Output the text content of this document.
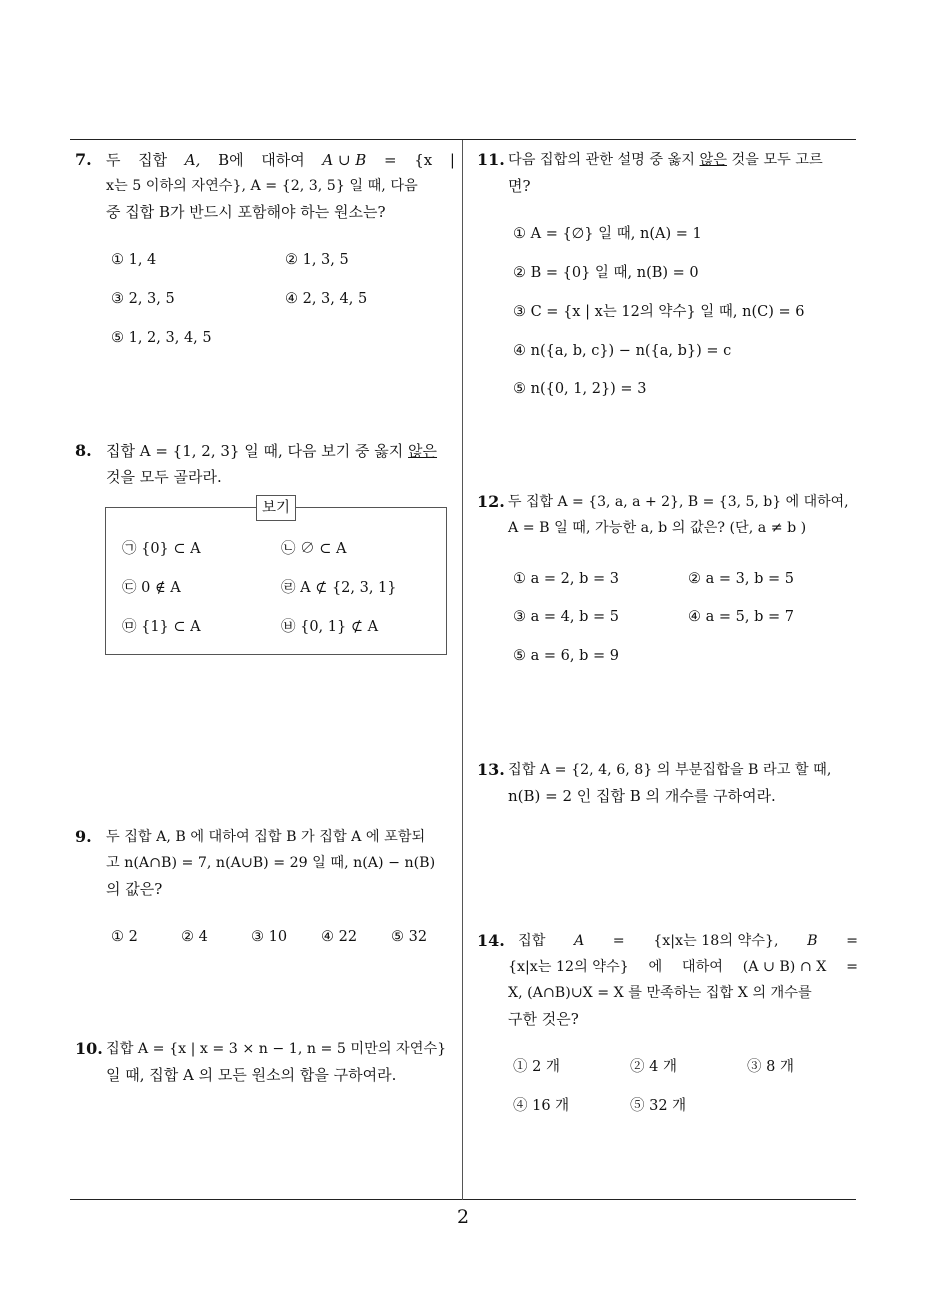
7. 두 집합 A, B에 대하여 A ∪ B = {x |
x는 5 이하의 자연수}, A = {2, 3, 5} 일 때, 다음
중 집합 B가 반드시 포함해야 하는 원소는?
① 1, 4	② 1, 3, 5
③ 2, 3, 5	④ 2, 3, 4, 5
⑤ 1, 2, 3, 4, 5
8. 집합 A = {1, 2, 3} 일 때, 다음 보기 중 옳지 않은
것을 모두 골라라.
보기
㉠ {0} ⊂ A	㉡ ∅ ⊂ A
㉢ 0 ∉ A	㉣ A ⊄ {2, 3, 1}
㉤ {1} ⊂ A	㉥ {0, 1} ⊄ A
9. 두 집합 A, B 에 대하여 집합 B 가 집합 A 에 포함되
고 n(A∩B) = 7, n(A∪B) = 29 일 때, n(A) − n(B)
의 값은?
① 2	② 4	③ 10 ④ 22 ⑤ 32
10. 집합 A = {x | x = 3 × n − 1, n = 5 미만의 자연수}
일 때, 집합 A 의 모든 원소의 합을 구하여라.
11. 다음 집합의 관한 설명 중 옳지 않은 것을 모두 고르
면?
① A = {∅} 일 때, n(A) = 1
② B = {0} 일 때, n(B) = 0
③ C = {x | x는 12의 약수} 일 때, n(C) = 6
④ n({a, b, c}) − n({a, b}) = c
⑤ n({0, 1, 2}) = 3
12. 두 집합 A = {3, a, a + 2}, B = {3, 5, b} 에 대하여,
A = B 일 때, 가능한 a, b 의 값은? (단, a ≠ b )
① a = 2, b = 3	② a = 3, b = 5
③ a = 4, b = 5	④ a = 5, b = 7
⑤ a = 6, b = 9
13. 집합 A = {2, 4, 6, 8} 의 부분집합을 B 라고 할 때,
n(B) = 2 인 집합 B 의 개수를 구하여라.
14. 집합 A = {x|x는 18의 약수}, B =
{x|x는 12의 약수} 에 대하여 (A ∪ B) ∩ X =
X, (A∩B)∪X = X 를 만족하는 집합 X 의 개수를
구한 것은?
① 2 개	② 4 개	③ 8 개
④ 16 개	⑤ 32 개
2
